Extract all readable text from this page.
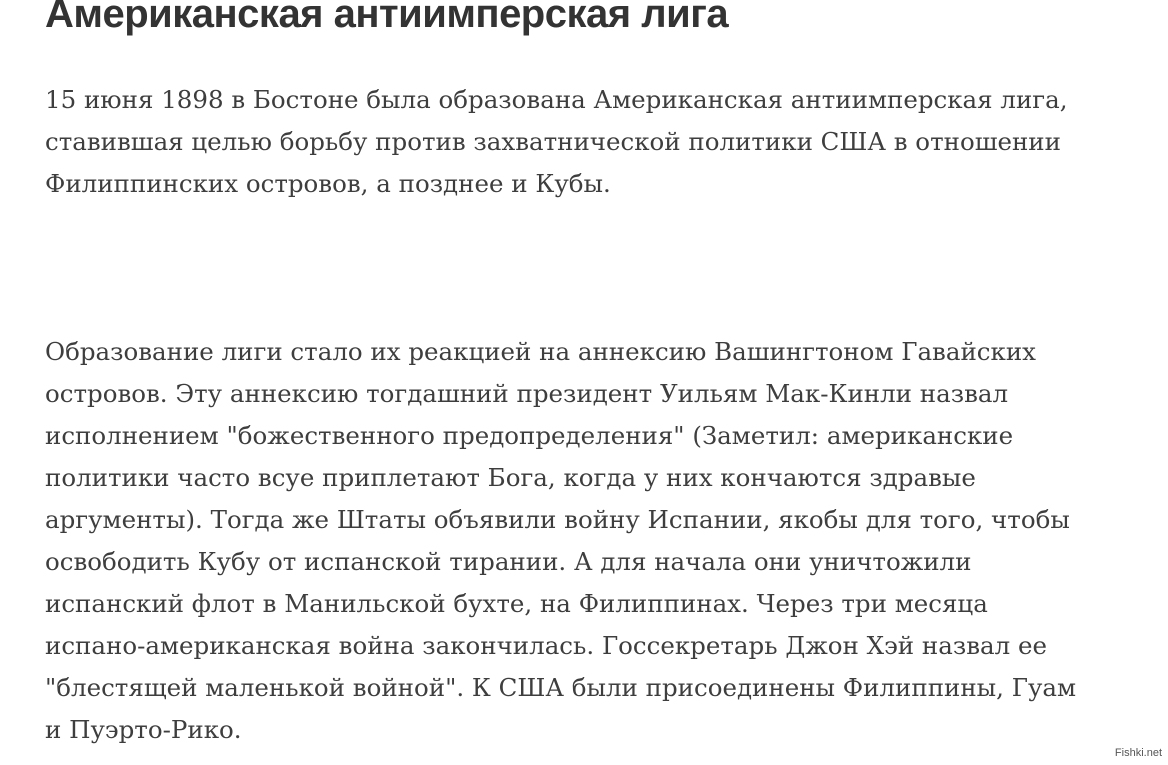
Американская антиимперская лига

15 июня 1898 в Бостоне была образована Американская антиимперская лига,
ставившая целью борьбу против захватнической политики США в отношении
Филиппинских островов, а позднее и Кубы.

Образование лиги стало их реакцией на аннексию Вашингтоном Гавайских
островов. Эту аннексию тогдашний президент Уильям Мак-Кинли назвал
исполнением "божественного предопределения" (Заметил: американские
политики часто всуе приплетают Бога, когда у них кончаются здравые
аргументы). Тогда же Штаты объявили войну Испании, якобы для того, чтобы
освободить Кубу от испанской тирании. А для начала они уничтожили
испанский флот в Манильской бухте, на Филиппинах. Через три месяца
испано-американская война закончилась. Госсекретарь Джон Хэй назвал ее
"блестящей маленькой войной". К США были присоединены Филиппины, Гуам
и Пуэрто-Рико.

Fishki.net
